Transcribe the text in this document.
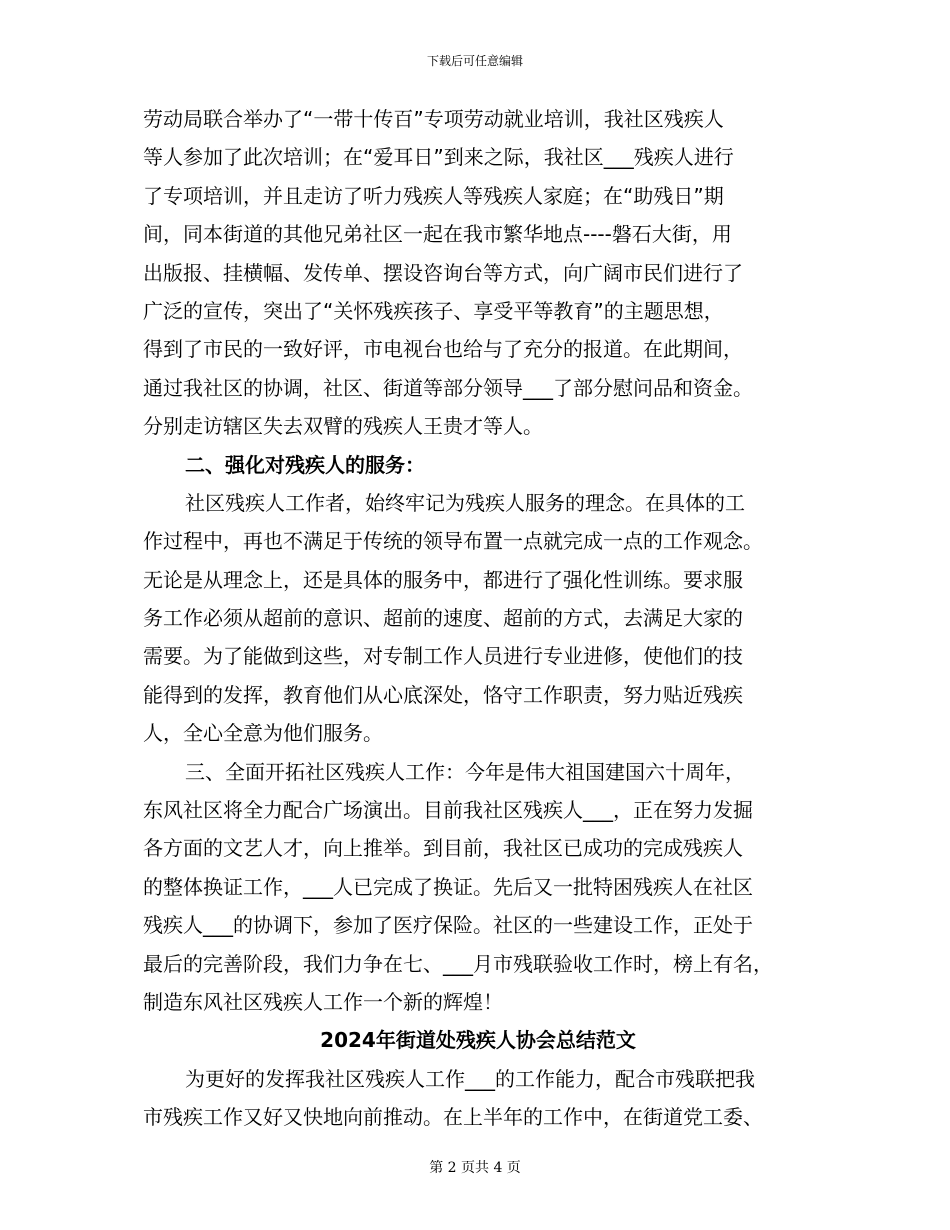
下载后可任意编辑
劳动局联合举办了“一带十传百”专项劳动就业培训，我社区残疾人
等人参加了此次培训；在“爱耳日”到来之际，我社区___残疾人进行
了专项培训，并且走访了听力残疾人等残疾人家庭；在“助残日”期
间，同本街道的其他兄弟社区一起在我市繁华地点----磐石大街，用
出版报、挂横幅、发传单、摆设咨询台等方式，向广阔市民们进行了
广泛的宣传，突出了“关怀残疾孩子、享受平等教育”的主题思想，
得到了市民的一致好评，市电视台也给与了充分的报道。在此期间，
通过我社区的协调，社区、街道等部分领导___了部分慰问品和资金。
分别走访辖区失去双臂的残疾人王贵才等人。
二、强化对残疾人的服务：
社区残疾人工作者，始终牢记为残疾人服务的理念。在具体的工
作过程中，再也不满足于传统的领导布置一点就完成一点的工作观念。
无论是从理念上，还是具体的服务中，都进行了强化性训练。要求服
务工作必须从超前的意识、超前的速度、超前的方式，去满足大家的
需要。为了能做到这些，对专制工作人员进行专业进修，使他们的技
能得到的发挥，教育他们从心底深处，恪守工作职责，努力贴近残疾
人，全心全意为他们服务。
三、全面开拓社区残疾人工作：今年是伟大祖国建国六十周年，
东风社区将全力配合广场演出。目前我社区残疾人___，正在努力发掘
各方面的文艺人才，向上推举。到目前，我社区已成功的完成残疾人
的整体换证工作，___人已完成了换证。先后又一批特困残疾人在社区
残疾人___的协调下，参加了医疗保险。社区的一些建设工作，正处于
最后的完善阶段，我们力争在七、___月市残联验收工作时，榜上有名，
制造东风社区残疾人工作一个新的辉煌！
2024年街道处残疾人协会总结范文
为更好的发挥我社区残疾人工作___的工作能力，配合市残联把我
市残疾工作又好又快地向前推动。在上半年的工作中，在街道党工委、
第 2 页共 4 页
